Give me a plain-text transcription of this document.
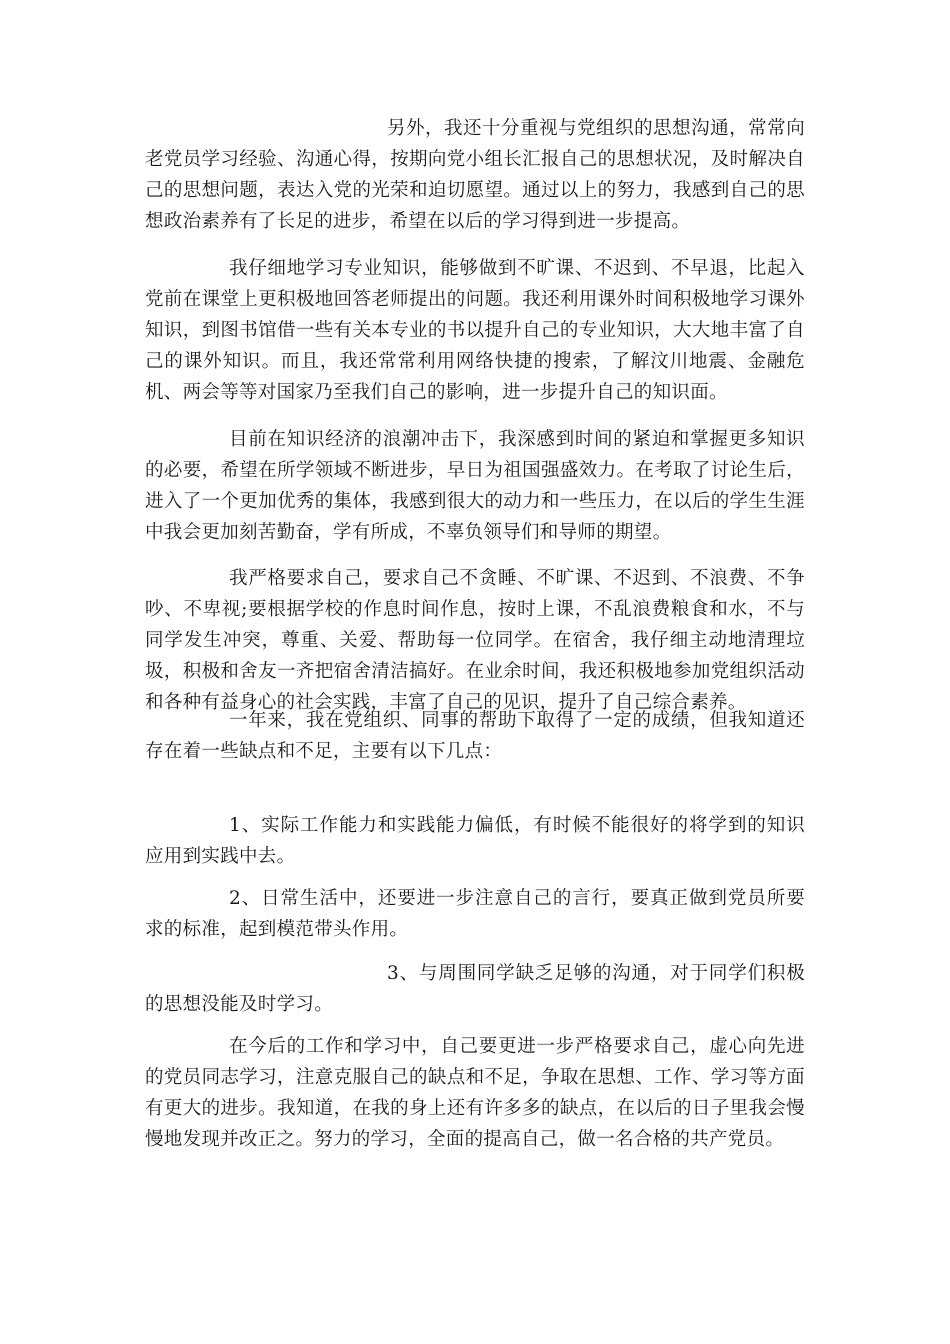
另外，我还十分重视与党组织的思想沟通，常常向老党员学习经验、沟通心得，按期向党小组长汇报自己的思想状况，及时解决自己的思想问题，表达入党的光荣和迫切愿望。通过以上的努力，我感到自己的思想政治素养有了长足的进步，希望在以后的学习得到进一步提高。

我仔细地学习专业知识，能够做到不旷课、不迟到、不早退，比起入党前在课堂上更积极地回答老师提出的问题。我还利用课外时间积极地学习课外知识，到图书馆借一些有关本专业的书以提升自己的专业知识，大大地丰富了自己的课外知识。而且，我还常常利用网络快捷的搜索，了解汶川地震、金融危机、两会等等对国家乃至我们自己的影响，进一步提升自己的知识面。

目前在知识经济的浪潮冲击下，我深感到时间的紧迫和掌握更多知识的必要，希望在所学领域不断进步，早日为祖国强盛效力。在考取了讨论生后，进入了一个更加优秀的集体，我感到很大的动力和一些压力，在以后的学生生涯中我会更加刻苦勤奋，学有所成，不辜负领导们和导师的期望。

我严格要求自己，要求自己不贪睡、不旷课、不迟到、不浪费、不争吵、不卑视;要根据学校的作息时间作息，按时上课，不乱浪费粮食和水，不与同学发生冲突，尊重、关爱、帮助每一位同学。在宿舍，我仔细主动地清理垃圾，积极和舍友一齐把宿舍清洁搞好。在业余时间，我还积极地参加党组织活动和各种有益身心的社会实践，丰富了自己的见识，提升了自己综合素养。

一年来，我在党组织、同事的帮助下取得了一定的成绩，但我知道还存在着一些缺点和不足，主要有以下几点：

1、实际工作能力和实践能力偏低，有时候不能很好的将学到的知识应用到实践中去。

2、日常生活中，还要进一步注意自己的言行，要真正做到党员所要求的标准，起到模范带头作用。

3、与周围同学缺乏足够的沟通，对于同学们积极的思想没能及时学习。

在今后的工作和学习中，自己要更进一步严格要求自己，虚心向先进的党员同志学习，注意克服自己的缺点和不足，争取在思想、工作、学习等方面有更大的进步。我知道，在我的身上还有许多多的缺点，在以后的日子里我会慢慢地发现并改正之。努力的学习，全面的提高自己，做一名合格的共产党员。
